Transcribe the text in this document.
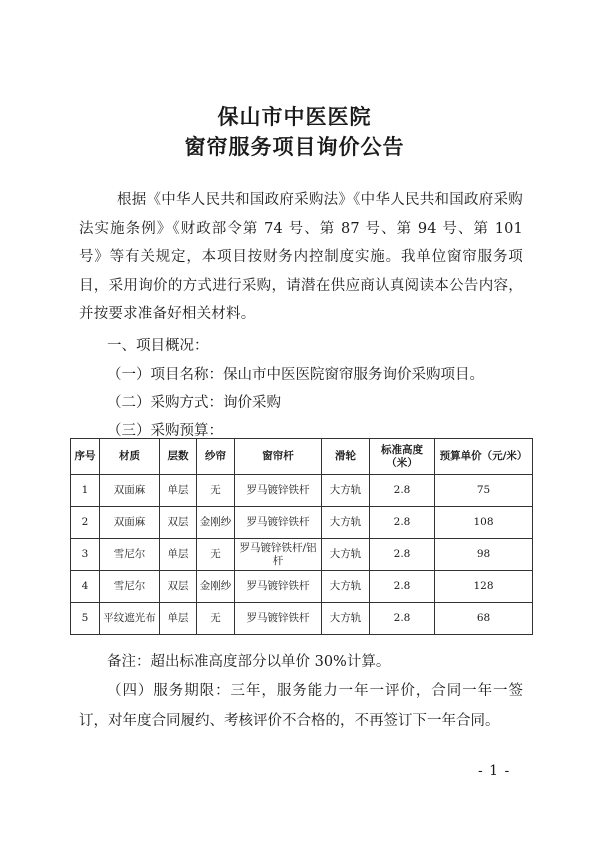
保山市中医医院
窗帘服务项目询价公告
根据《中华人民共和国政府采购法》《中华人民共和国政府采购法实施条例》《财政部令第 74 号、第 87 号、第 94 号、第 101 号》等有关规定，本项目按财务内控制度实施。我单位窗帘服务项目，采用询价的方式进行采购，请潜在供应商认真阅读本公告内容，并按要求准备好相关材料。
一、项目概况：
（一）项目名称：保山市中医医院窗帘服务询价采购项目。
（二）采购方式：询价采购
（三）采购预算：
序号	材质	层数	纱帘	窗帘杆	滑轮	标准高度（米）	预算单价（元/米）
1	双面麻	单层	无	罗马镀锌铁杆	大方轨	2.8	75
2	双面麻	双层	金刚纱	罗马镀锌铁杆	大方轨	2.8	108
3	雪尼尔	单层	无	罗马镀锌铁杆/铝杆	大方轨	2.8	98
4	雪尼尔	双层	金刚纱	罗马镀锌铁杆	大方轨	2.8	128
5	平纹遮光布	单层	无	罗马镀锌铁杆	大方轨	2.8	68
备注：超出标准高度部分以单价 30%计算。
（四）服务期限：三年，服务能力一年一评价，合同一年一签订，对年度合同履约、考核评价不合格的，不再签订下一年合同。
- 1 -
